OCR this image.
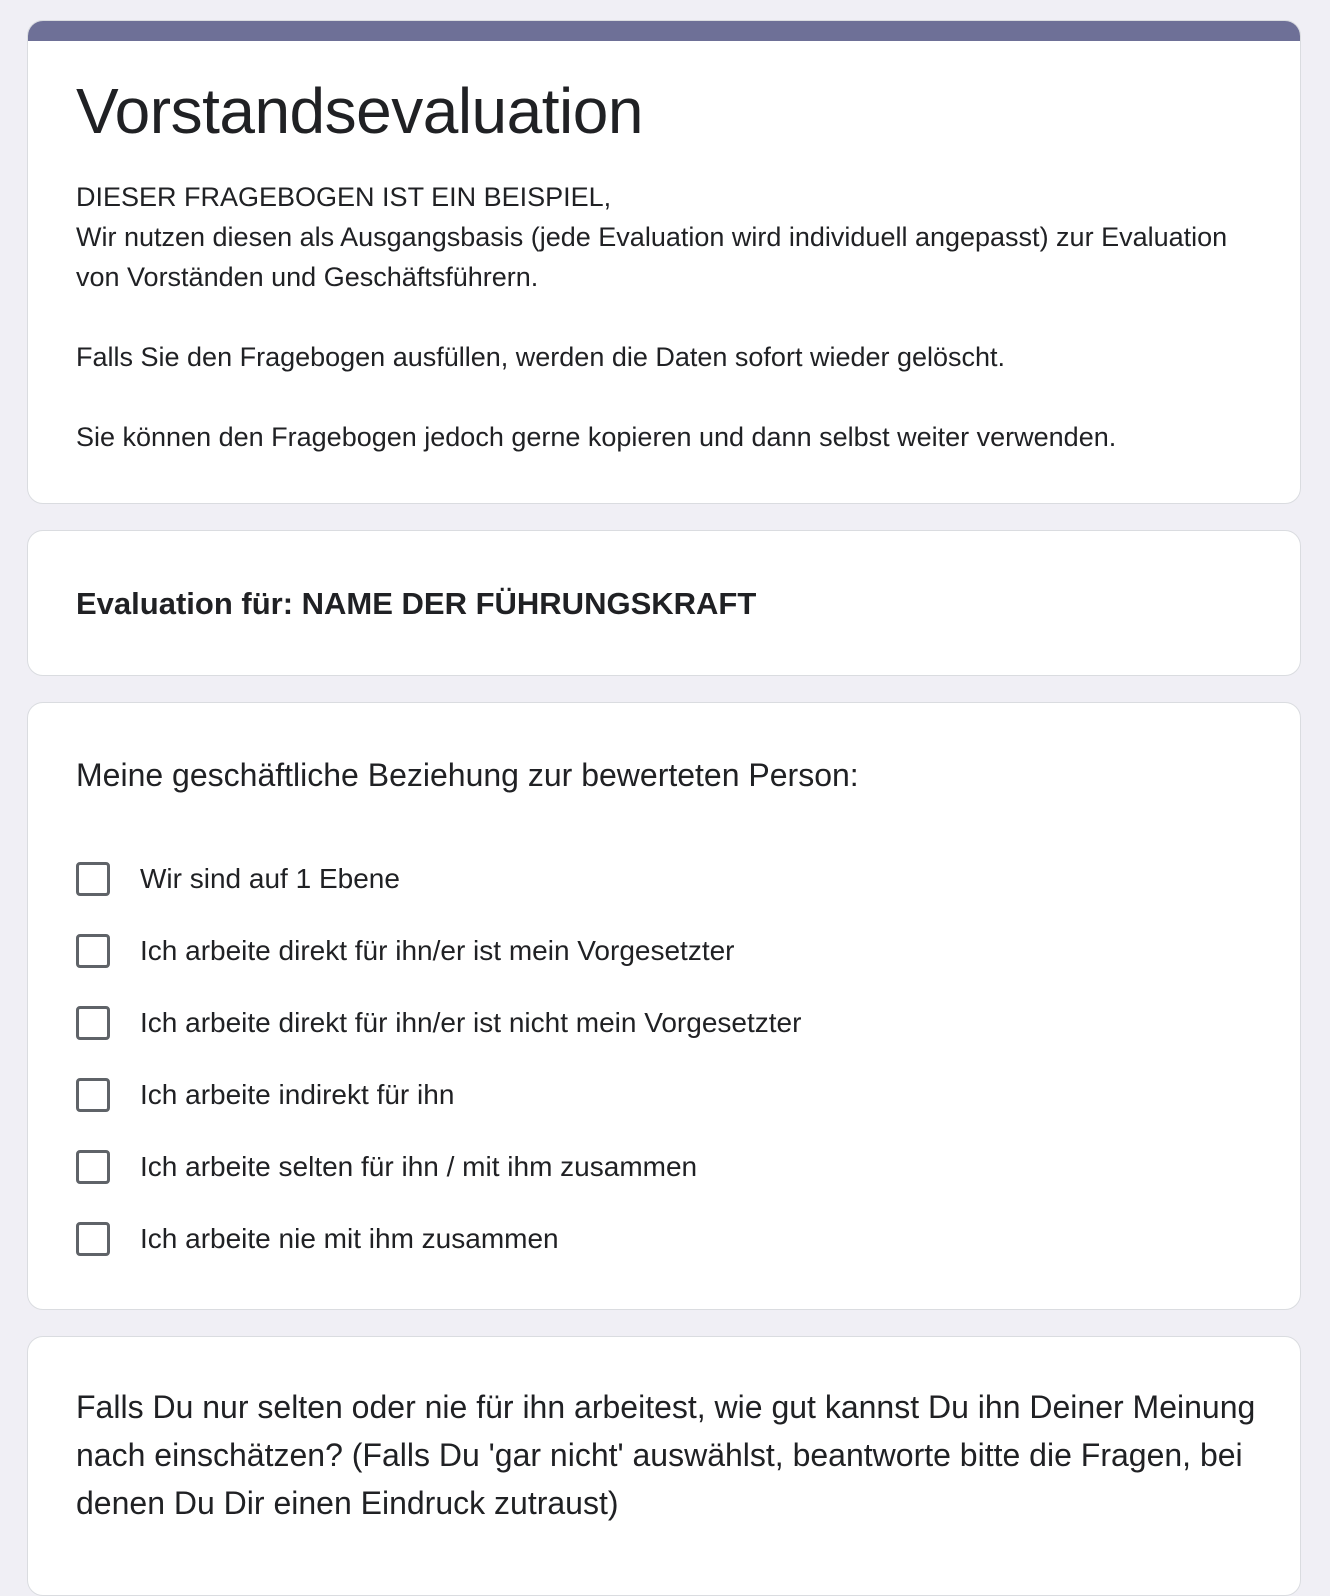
Vorstandsevaluation

DIESER FRAGEBOGEN IST EIN BEISPIEL,

Wir nutzen diesen als Ausgangsbasis (jede Evaluation wird individuell angepasst) zur Evaluation von Vorständen und Geschäftsführern.

Falls Sie den Fragebogen ausfüllen, werden die Daten sofort wieder gelöscht.

Sie können den Fragebogen jedoch gerne kopieren und dann selbst weiter verwenden.

Evaluation für: NAME DER FÜHRUNGSKRAFT
Meine geschäftliche Beziehung zur bewerteten Person:
Wir sind auf 1 Ebene
Ich arbeite direkt für ihn/er ist mein Vorgesetzter
Ich arbeite direkt für ihn/er ist nicht mein Vorgesetzter
Ich arbeite indirekt für ihn
Ich arbeite selten für ihn / mit ihm zusammen
Ich arbeite nie mit ihm zusammen
Falls Du nur selten oder nie für ihn arbeitest, wie gut kannst Du ihn Deiner Meinung nach einschätzen? (Falls Du 'gar nicht' auswählst, beantworte bitte die Fragen, bei denen Du Dir einen Eindruck zutraust)
